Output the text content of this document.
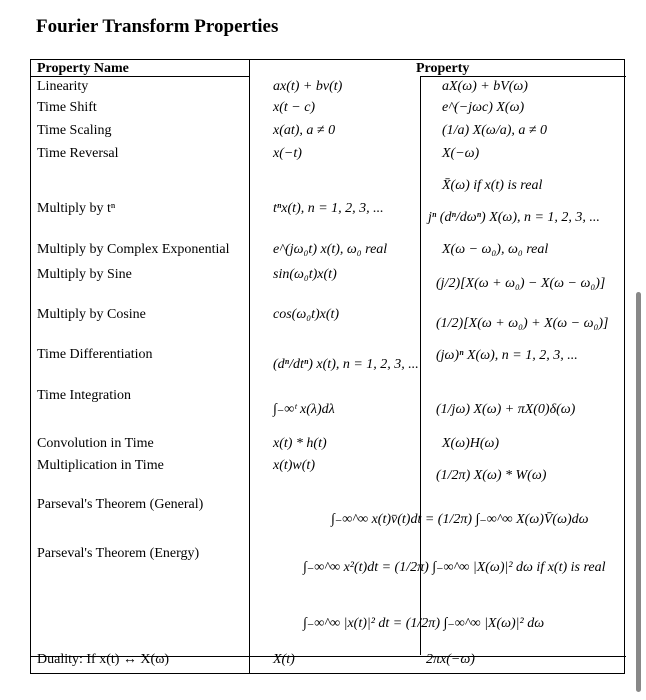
Fourier Transform Properties
Property Name	Property
Linearity
Time Shift
Time Scaling
Time Reversal
Multiply by tⁿ
Multiply by Complex Exponential
Multiply by Sine
Multiply by Cosine
Time Differentiation
Time Integration
Convolution in Time
Multiplication in Time
Parseval's Theorem (General)
Parseval's Theorem (Energy)
Duality: If x(t) ↔ X(ω)
ax(t) + bv(t)
x(t − c)
x(at), a ≠ 0
x(−t)
tⁿx(t), n = 1, 2, 3, ...
e^(jω₀t) x(t), ω₀ real
sin(ω₀t)x(t)
cos(ω₀t)x(t)
(dⁿ/dtⁿ) x(t), n = 1, 2, 3, ...
∫₋∞ᵗ x(λ)dλ
x(t) * h(t)
x(t)w(t)
X(t)
aX(ω) + bV(ω)
e^(−jωc) X(ω)
(1/a) X(ω/a), a ≠ 0
X(−ω)
X̄(ω) if x(t) is real
jⁿ (dⁿ/dωⁿ) X(ω), n = 1, 2, 3, ...
X(ω − ω₀), ω₀ real
(j/2)[X(ω + ω₀) − X(ω − ω₀)]
(1/2)[X(ω + ω₀) + X(ω − ω₀)]
(jω)ⁿ X(ω), n = 1, 2, 3, ...
(1/jω) X(ω) + πX(0)δ(ω)
X(ω)H(ω)
(1/2π) X(ω) * W(ω)
2πx(−ω)
∫₋∞^∞ x(t)v̄(t)dt = (1/2π) ∫₋∞^∞ X(ω)V̄(ω)dω
∫₋∞^∞ x²(t)dt = (1/2π) ∫₋∞^∞ |X(ω)|² dω if x(t) is real
∫₋∞^∞ |x(t)|² dt = (1/2π) ∫₋∞^∞ |X(ω)|² dω
